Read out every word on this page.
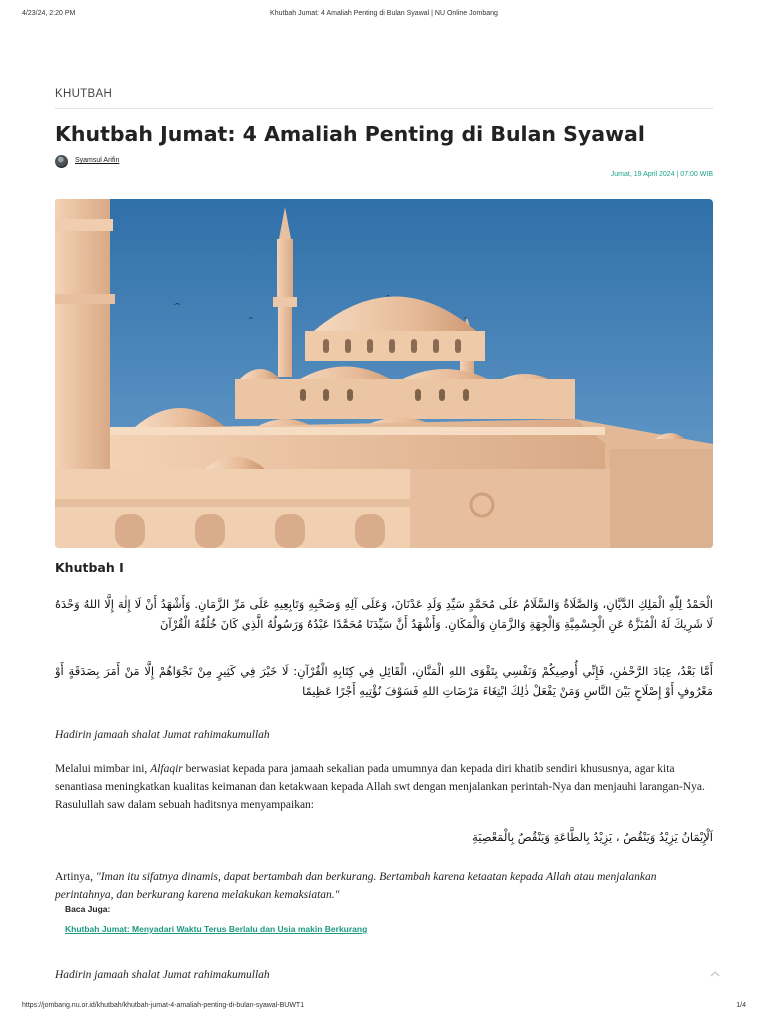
4/23/24, 2:20 PM	Khutbah Jumat: 4 Amaliah Penting di Bulan Syawal | NU Online Jombang
KHUTBAH
Khutbah Jumat: 4 Amaliah Penting di Bulan Syawal
Syamsul Arifin
Jumat, 19 April 2024 | 07:00 WIB
Khutbah I

الْحَمْدُ لِلّٰهِ الْمَلِكِ الدَّيَّانِ، وَالصَّلَاةُ وَالسَّلَامُ عَلَى مُحَمَّدٍ سَيِّدِ وَلَدِ عَدْنَانَ، وَعَلَى آلِهِ وَصَحْبِهِ وَتَابِعِيهِ عَلَى مَرِّ الزَّمَانِ. وَأَشْهَدُ أَنْ لَا إِلٰهَ إِلَّا اللهُ وَحْدَهُ لَا شَرِيكَ لَهُ الْمُنَزَّهُ عَنِ الْجِسْمِيَّةِ وَالْجِهَةِ وَالزَّمَانِ وَالْمَكَانِ. وَأَشْهَدُ أَنَّ سَيِّدَنَا مُحَمَّدًا عَبْدُهُ وَرَسُولُهُ الَّذِي كَانَ خُلُقُهُ الْقُرْآنَ

أَمَّا بَعْدُ، عِبَادَ الرَّحْمٰنِ، فَإِنِّي أُوصِيكُمْ وَنَفْسِي بِتَقْوَى اللهِ الْمَنَّانِ، الْقَائِلِ فِي كِتَابِهِ الْقُرْآنِ: لَا خَيْرَ فِي كَثِيرٍ مِنْ نَجْوَاهُمْ إِلَّا مَنْ أَمَرَ بِصَدَقَةٍ أَوْ مَعْرُوفٍ أَوْ إِصْلَاحٍ بَيْنَ النَّاسِ وَمَنْ يَفْعَلْ ذٰلِكَ ابْتِغَاءَ مَرْضَاتِ اللهِ فَسَوْفَ نُؤْتِيهِ أَجْرًا عَظِيمًا

Hadirin jamaah shalat Jumat rahimakumullah

Melalui mimbar ini, Alfaqir berwasiat kepada para jamaah sekalian pada umumnya dan kepada diri khatib sendiri khususnya, agar kita senantiasa meningkatkan kualitas keimanan dan ketakwaan kepada Allah swt dengan menjalankan perintah-Nya dan menjauhi larangan-Nya. Rasulullah saw dalam sebuah haditsnya menyampaikan:

اَلْإِيْمَانُ يَزِيْدُ وَيَنْقُصُ ، يَزِيْدُ بِالطَّاعَةِ وَيَنْقُصُ بِالْمَعْصِيَةِ

Artinya, "Iman itu sifatnya dinamis, dapat bertambah dan berkurang. Bertambah karena ketaatan kepada Allah atau menjalankan perintahnya, dan berkurang karena melakukan kemaksiatan."

Baca Juga:
Khutbah Jumat: Menyadari Waktu Terus Berlalu dan Usia makin Berkurang

Hadirin jamaah shalat Jumat rahimakumullah

https://jombang.nu.or.id/khutbah/khutbah-jumat-4-amaliah-penting-di-bulan-syawal-BUWT1	1/4
